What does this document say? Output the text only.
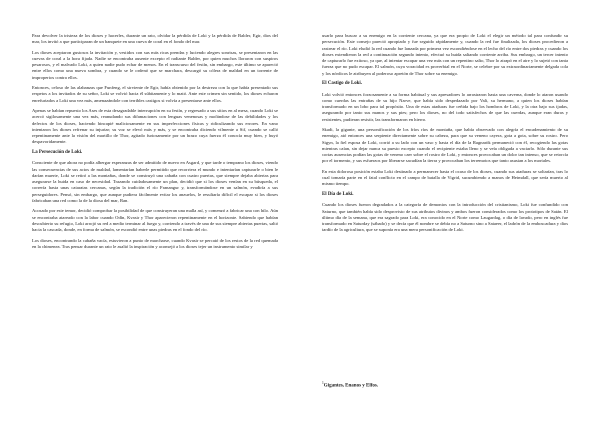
Para devolver la tristeza de los dioses y hacerles, durante un rato, olvidar la pérdida de Loki y la pérdida de Balder, Egir, dios del mar, los invitó a que participaran de un banquete en una cueva de coral en el fondo del mar.

Los dioses aceptaron gustosos la invitación y, vestidos con sus más ricas prendas y luciendo alegres sonrisas, se presentaron en las cuevas de coral a la hora fijada. Nadie se encontraba ausente excepto el radiante Balder, por quien muchos lloraron con suspiros pesarosos, y el malvado Loki, a quien nadie pudo echar de menos. En el transcurso del festín, sin embargo, este último se apareció entre ellos como una nueva sombra, y cuando se le ordenó que se marchara, descargó su cólera de maldad en un torrente de improperios contra ellos.

Entonces, celoso de las alabanzas que Funfeng, el sirviente de Egir, había obtenido por la destreza con la que había presentado sus respetos a los invitados de su señor, Loki se volvió hacia él súbitamente y lo mató. Ante este crimen sin sentido, los dioses echaron enrefuriados a Loki una vez más, amenazándole con terribles castigos si volvía a presentarse ante ellos.

Apenas se habían repuesto los Ases de esta desagradable interrupción en su festín, y regresado a sus sitios en al mesa, cuando Loki se acercó sigilosamente una vez más, reanudando sus difamaciones con lenguas venenosas y mofándose de las debilidades y los defectos de los dioses, haciendo hincapié maliciosamente en sus imperfecciones físicas y ridiculizando sus errores. En vano intentaron los dioses refrenar su injuriar; su voz se elevó más y más, y se encontraba diciendo vilmente a Sif, cuando se calló repentinamente ante la visión del martillo de Thor, agitado furiosamente por un brazo cuya fuerza él conocía muy bien, y huyó despavoridamente.

La Persecución de Loki.

Consciente de que ahora no podía albergar esperanzas de ser admitido de nuevo en Asgard, y que tarde o temprano los dioses, viendo las consecuencias de sus actos de maldad, lamentarían haberle permitido que recorriera el mundo e intentarían capturarle o bien le darían muerte, Loki se retiró a las montañas, donde se construyó una cabaña con cuatro puertas, que siempre dejaba abiertas para asegurarse la huida en caso de necesidad. Trazando cuidadosamente un plan, decidió que si los dioses venían en su búsqueda, el correría hasta unas cataratas cercanas, según la tradición el río Franangur y, transformándose en un salmón, evadiría a sus perseguidores. Pensó, sin embargo, que aunque pudiera fácilmente evitar los anzuelos, le resultaría difícil el escapar si los dioses fabricaban una red como la de la diosa del mar, Ran.

Acosado por este temor, decidió comprobar la posibilidad de que construyeran una malla así, y comenzó a fabricar una con hilo. Aún se encontraba atareado con la labor cuando Odín, Kvasir y Thor aparecieron repentinamente en el horizonte. Sabiendo que habían descubierto su refugio, Loki arrojó su red a medio terminar al fuego y, corriendo a través de una de sus siempre abiertas puertas, saltó hacia la cascada, donde, en forma de salmón, se escondió entre unas piedras en el fondo del río.

Los dioses, encontrando la cabaña vacía, estuvieron a punto de marcharse, cuando Kvasir se percató de los restos de la red quemada en la chimenea. Tras pensar durante un rato le asaltó la inspiración y aconsejó a los dioses tejer un instrumento similar y

usarlo para buscar a su enemigo en la corriente cercana, ya que era propio de Loki el elegir un método tal para confundir su persecución. Este consejo pareció apropiado y fue seguido rápidamente y, cuando la red fue finalizada, los dioses procedieron a rastrear el río. Loki eludió la red cuando fue lanzada por primera vez escondiéndose en el lecho del río entre dos piedras y cuando los dioses extendieron la red a continuación segundo intento, efectuó su huida saltando corriente arriba. Sus embargo, un tercer intento de capturarlo fue exitoso, ya que, al intentar escapar una vez más con un repentino salto, Thor lo atrapó en el aire y lo sujetó con tanta fuerza que no pudo escapar. El salmón, cuya voracidad es proverbial en el Norte, se celebre por su extraordinariamente delgada cola y los nórdicos le atribuyen al poderoso apretón de Thor sobre su enemigo.

El Castigo de Loki.

Loki volvió entonces forzosamente a su forma habitual y sus apresadores lo arrastraron hasta una caverna, donde lo ataron usando como cuerdas las entrañas de su hijo Narve, que había sido despedazado por Vali, su hermano, a quien los dioses habían transformado en un lobo para tal propósito. Una de estas ataduras fue ceñida bajo los hombros de Loki, y la otra bajo sus ijadas, asegurando por tanto sus manos y sus pies; pero los dioses, no del todo satisfechos de que las cuerdas, aunque eran duras y resistentes, pudieran resistir, las transformaron en hierro.

Skadi, la gigante, una personificación de los fríos ríos de montaña, que había observado con alegría el encadenamiento de su enemigo, ató entonces una serpiente directamente sobre su cabeza, para que su veneno cayera, gota a gota, sobre su rostro. Pero Sigyn, la fiel esposa de Loki, corrió a su lado con un vaso y hasta el día de la Ragnarök permaneció con él, recogiendo las gotas mientras caían, sin dejar nunca su puesto excepto cuando el recipiente estaba lleno y se veía obligada a vaciarlo. Sólo durante sus cortas ausencias podían las gotas de veneno caer sobre el rostro de Loki, y entonces provocaban un dolor tan intenso, que se retorcía por el tormento, y sus esfuerzos por liberarse sacudían la tierra y provocaban los terremotos que tanto asustan a los mortales.

En esta dolorosa posición estaba Loki destinado a permanecer hasta el ocaso de los dioses, cuando sus ataduras se soltarían, tras lo cual tomaría parte en el fatal conflicto en el campo de batalla de Vigrid, sucumbiendo a manos de Heimdall, que sería muerto al mismo tiempo.

El Día de Loki.

Cuando los dioses fueron degradados a la categoría de demonios con la introducción del cristianismo, Loki fue confundido con Saturno, que también había sido desprovisto de sus atributos divinos y ambos fueron considerados como los prototipos de Satán. El último día de la semana, que era sagrado para Loki, era conocido en el Norte como Laugardag, o día de lavado, pero en inglés fue transformado en Saturday (sábado) y se decía que él nombre se debía no a Saturno sino a Sataeer, el ladrón de la emboscadura y dios tardío de la agricultura, que se suponía era una mera personificación de Loki.

$^1$Gigantes, Enanos y Elfos.
